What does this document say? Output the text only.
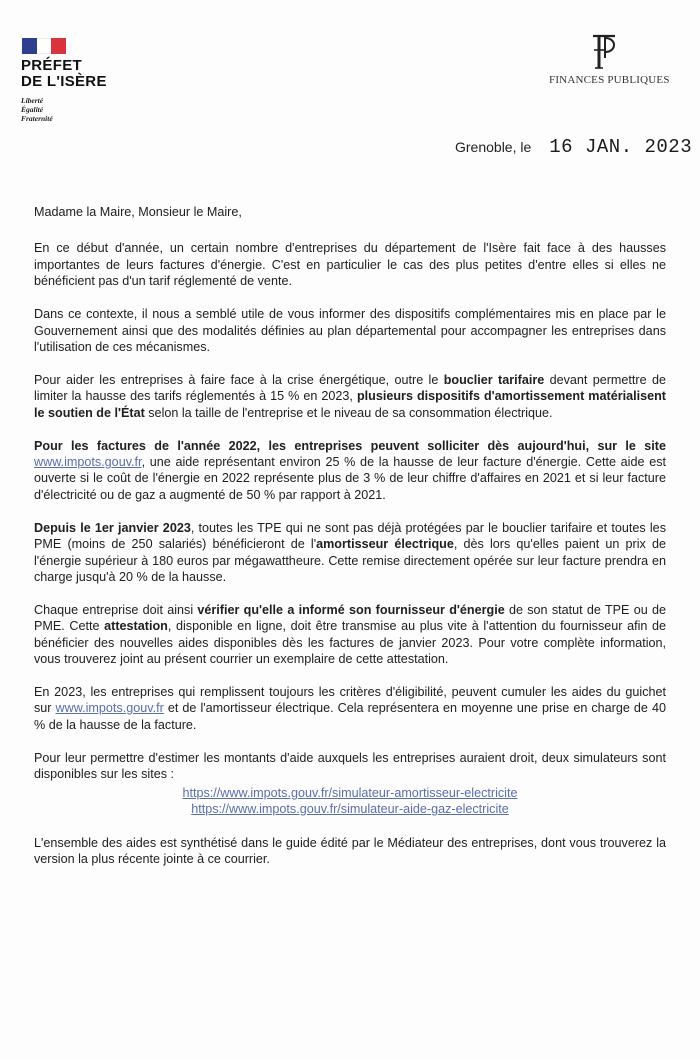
PRÉFET
DE L'ISÈRE
Liberté
Égalité
Fraternité
FINANCES PUBLIQUES
Grenoble, le 16 JAN. 2023

Madame la Maire, Monsieur le Maire,

En ce début d'année, un certain nombre d'entreprises du département de l'Isère fait face à des hausses importantes de leurs factures d'énergie. C'est en particulier le cas des plus petites d'entre elles si elles ne bénéficient pas d'un tarif réglementé de vente.

Dans ce contexte, il nous a semblé utile de vous informer des dispositifs complémentaires mis en place par le Gouvernement ainsi que des modalités définies au plan départemental pour accompagner les entreprises dans l'utilisation de ces mécanismes.

Pour aider les entreprises à faire face à la crise énergétique, outre le bouclier tarifaire devant permettre de limiter la hausse des tarifs réglementés à 15 % en 2023, plusieurs dispositifs d'amortissement matérialisent le soutien de l'État selon la taille de l'entreprise et le niveau de sa consommation électrique.

Pour les factures de l'année 2022, les entreprises peuvent solliciter dès aujourd'hui, sur le site www.impots.gouv.fr, une aide représentant environ 25 % de la hausse de leur facture d'énergie. Cette aide est ouverte si le coût de l'énergie en 2022 représente plus de 3 % de leur chiffre d'affaires en 2021 et si leur facture d'électricité ou de gaz a augmenté de 50 % par rapport à 2021.

Depuis le 1er janvier 2023, toutes les TPE qui ne sont pas déjà protégées par le bouclier tarifaire et toutes les PME (moins de 250 salariés) bénéficieront de l'amortisseur électrique, dès lors qu'elles paient un prix de l'énergie supérieur à 180 euros par mégawattheure. Cette remise directement opérée sur leur facture prendra en charge jusqu'à 20 % de la hausse.

Chaque entreprise doit ainsi vérifier qu'elle a informé son fournisseur d'énergie de son statut de TPE ou de PME. Cette attestation, disponible en ligne, doit être transmise au plus vite à l'attention du fournisseur afin de bénéficier des nouvelles aides disponibles dès les factures de janvier 2023. Pour votre complète information, vous trouverez joint au présent courrier un exemplaire de cette attestation.

En 2023, les entreprises qui remplissent toujours les critères d'éligibilité, peuvent cumuler les aides du guichet sur www.impots.gouv.fr et de l'amortisseur électrique. Cela représentera en moyenne une prise en charge de 40 % de la hausse de la facture.

Pour leur permettre d'estimer les montants d'aide auxquels les entreprises auraient droit, deux simulateurs sont disponibles sur les sites :

https://www.impots.gouv.fr/simulateur-amortisseur-electricite
https://www.impots.gouv.fr/simulateur-aide-gaz-electricite

L'ensemble des aides est synthétisé dans le guide édité par le Médiateur des entreprises, dont vous trouverez la version la plus récente jointe à ce courrier.
